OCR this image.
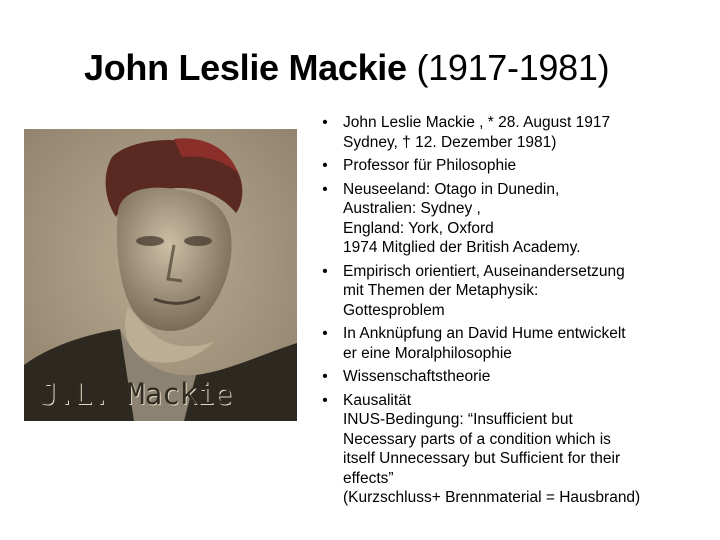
John Leslie Mackie (1917-1981)
J.L. Mackie
• John Leslie Mackie , * 28. August 1917
Sydney, † 12. Dezember 1981)
• Professor für Philosophie
• Neuseeland: Otago in Dunedin,
Australien: Sydney ,
England: York, Oxford
1974 Mitglied der British Academy.
• Empirisch orientiert, Auseinandersetzung
mit Themen der Metaphysik:
Gottesproblem
• In Anknüpfung an David Hume entwickelt
er eine Moralphilosophie
• Wissenschaftstheorie
• Kausalität
INUS-Bedingung: “Insufficient but
Necessary parts of a condition which is
itself Unnecessary but Sufficient for their
effects”
(Kurzschluss+ Brennmaterial = Hausbrand)
